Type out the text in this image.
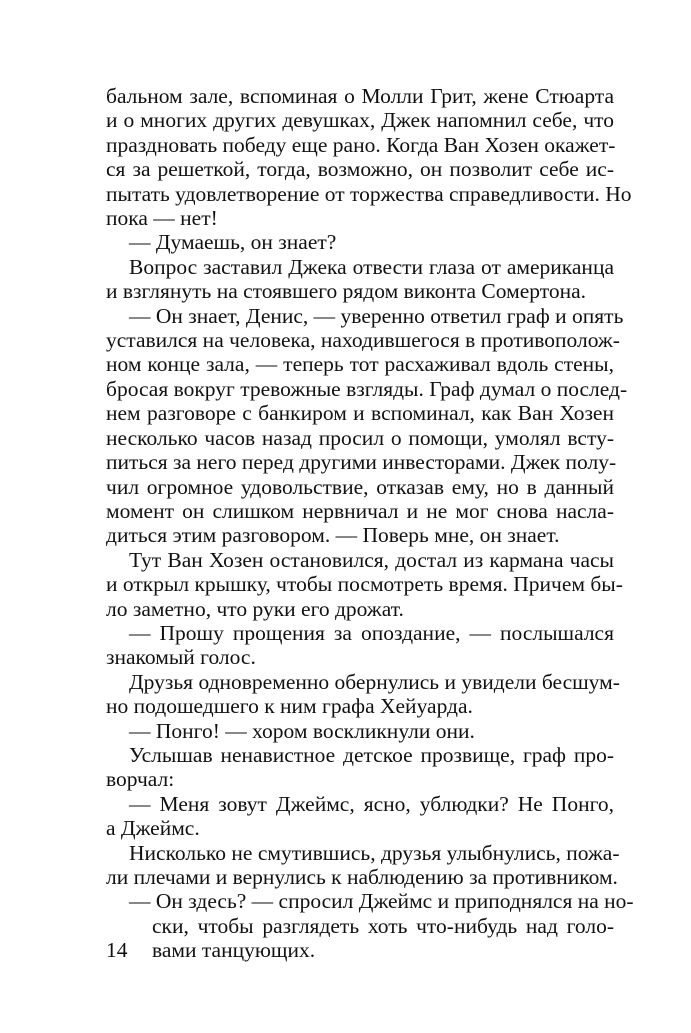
бальном зале, вспоминая о Молли Грит, жене Стюарта
и о многих других девушках, Джек напомнил себе, что
праздновать победу еще рано. Когда Ван Хозен окажет-
ся за решеткой, тогда, возможно, он позволит себе ис-
пытать удовлетворение от торжества справедливости. Но
пока — нет!
— Думаешь, он знает?
Вопрос заставил Джека отвести глаза от американца
и взглянуть на стоявшего рядом виконта Сомертона.
— Он знает, Денис, — уверенно ответил граф и опять
уставился на человека, находившегося в противополож-
ном конце зала, — теперь тот расхаживал вдоль стены,
бросая вокруг тревожные взгляды. Граф думал о послед-
нем разговоре с банкиром и вспоминал, как Ван Хозен
несколько часов назад просил о помощи, умолял всту-
питься за него перед другими инвесторами. Джек полу-
чил огромное удовольствие, отказав ему, но в данный
момент он слишком нервничал и не мог снова наслa-
диться этим разговором. — Поверь мне, он знает.
Тут Ван Хозен остановился, достал из кармана часы
и открыл крышку, чтобы посмотреть время. Причем бы-
ло заметно, что руки его дрожат.
— Прошу прощения за опоздание, — послышался
знакомый голос.
Друзья одновременно обернулись и увидели бесшум-
но подошедшего к ним графа Хейуарда.
— Понго! — хором воскликнули они.
Услышав ненавистное детское прозвище, граф про-
ворчал:
— Меня зовут Джеймс, ясно, ублюдки? Не Понго,
а Джеймс.
Нисколько не смутившись, друзья улыбнулись, пожа-
ли плечами и вернулись к наблюдению за противником.
— Он здесь? — спросил Джеймс и приподнялся на но-
ски, чтобы разглядеть хоть что-нибудь над голо-
14	вами танцующих.
